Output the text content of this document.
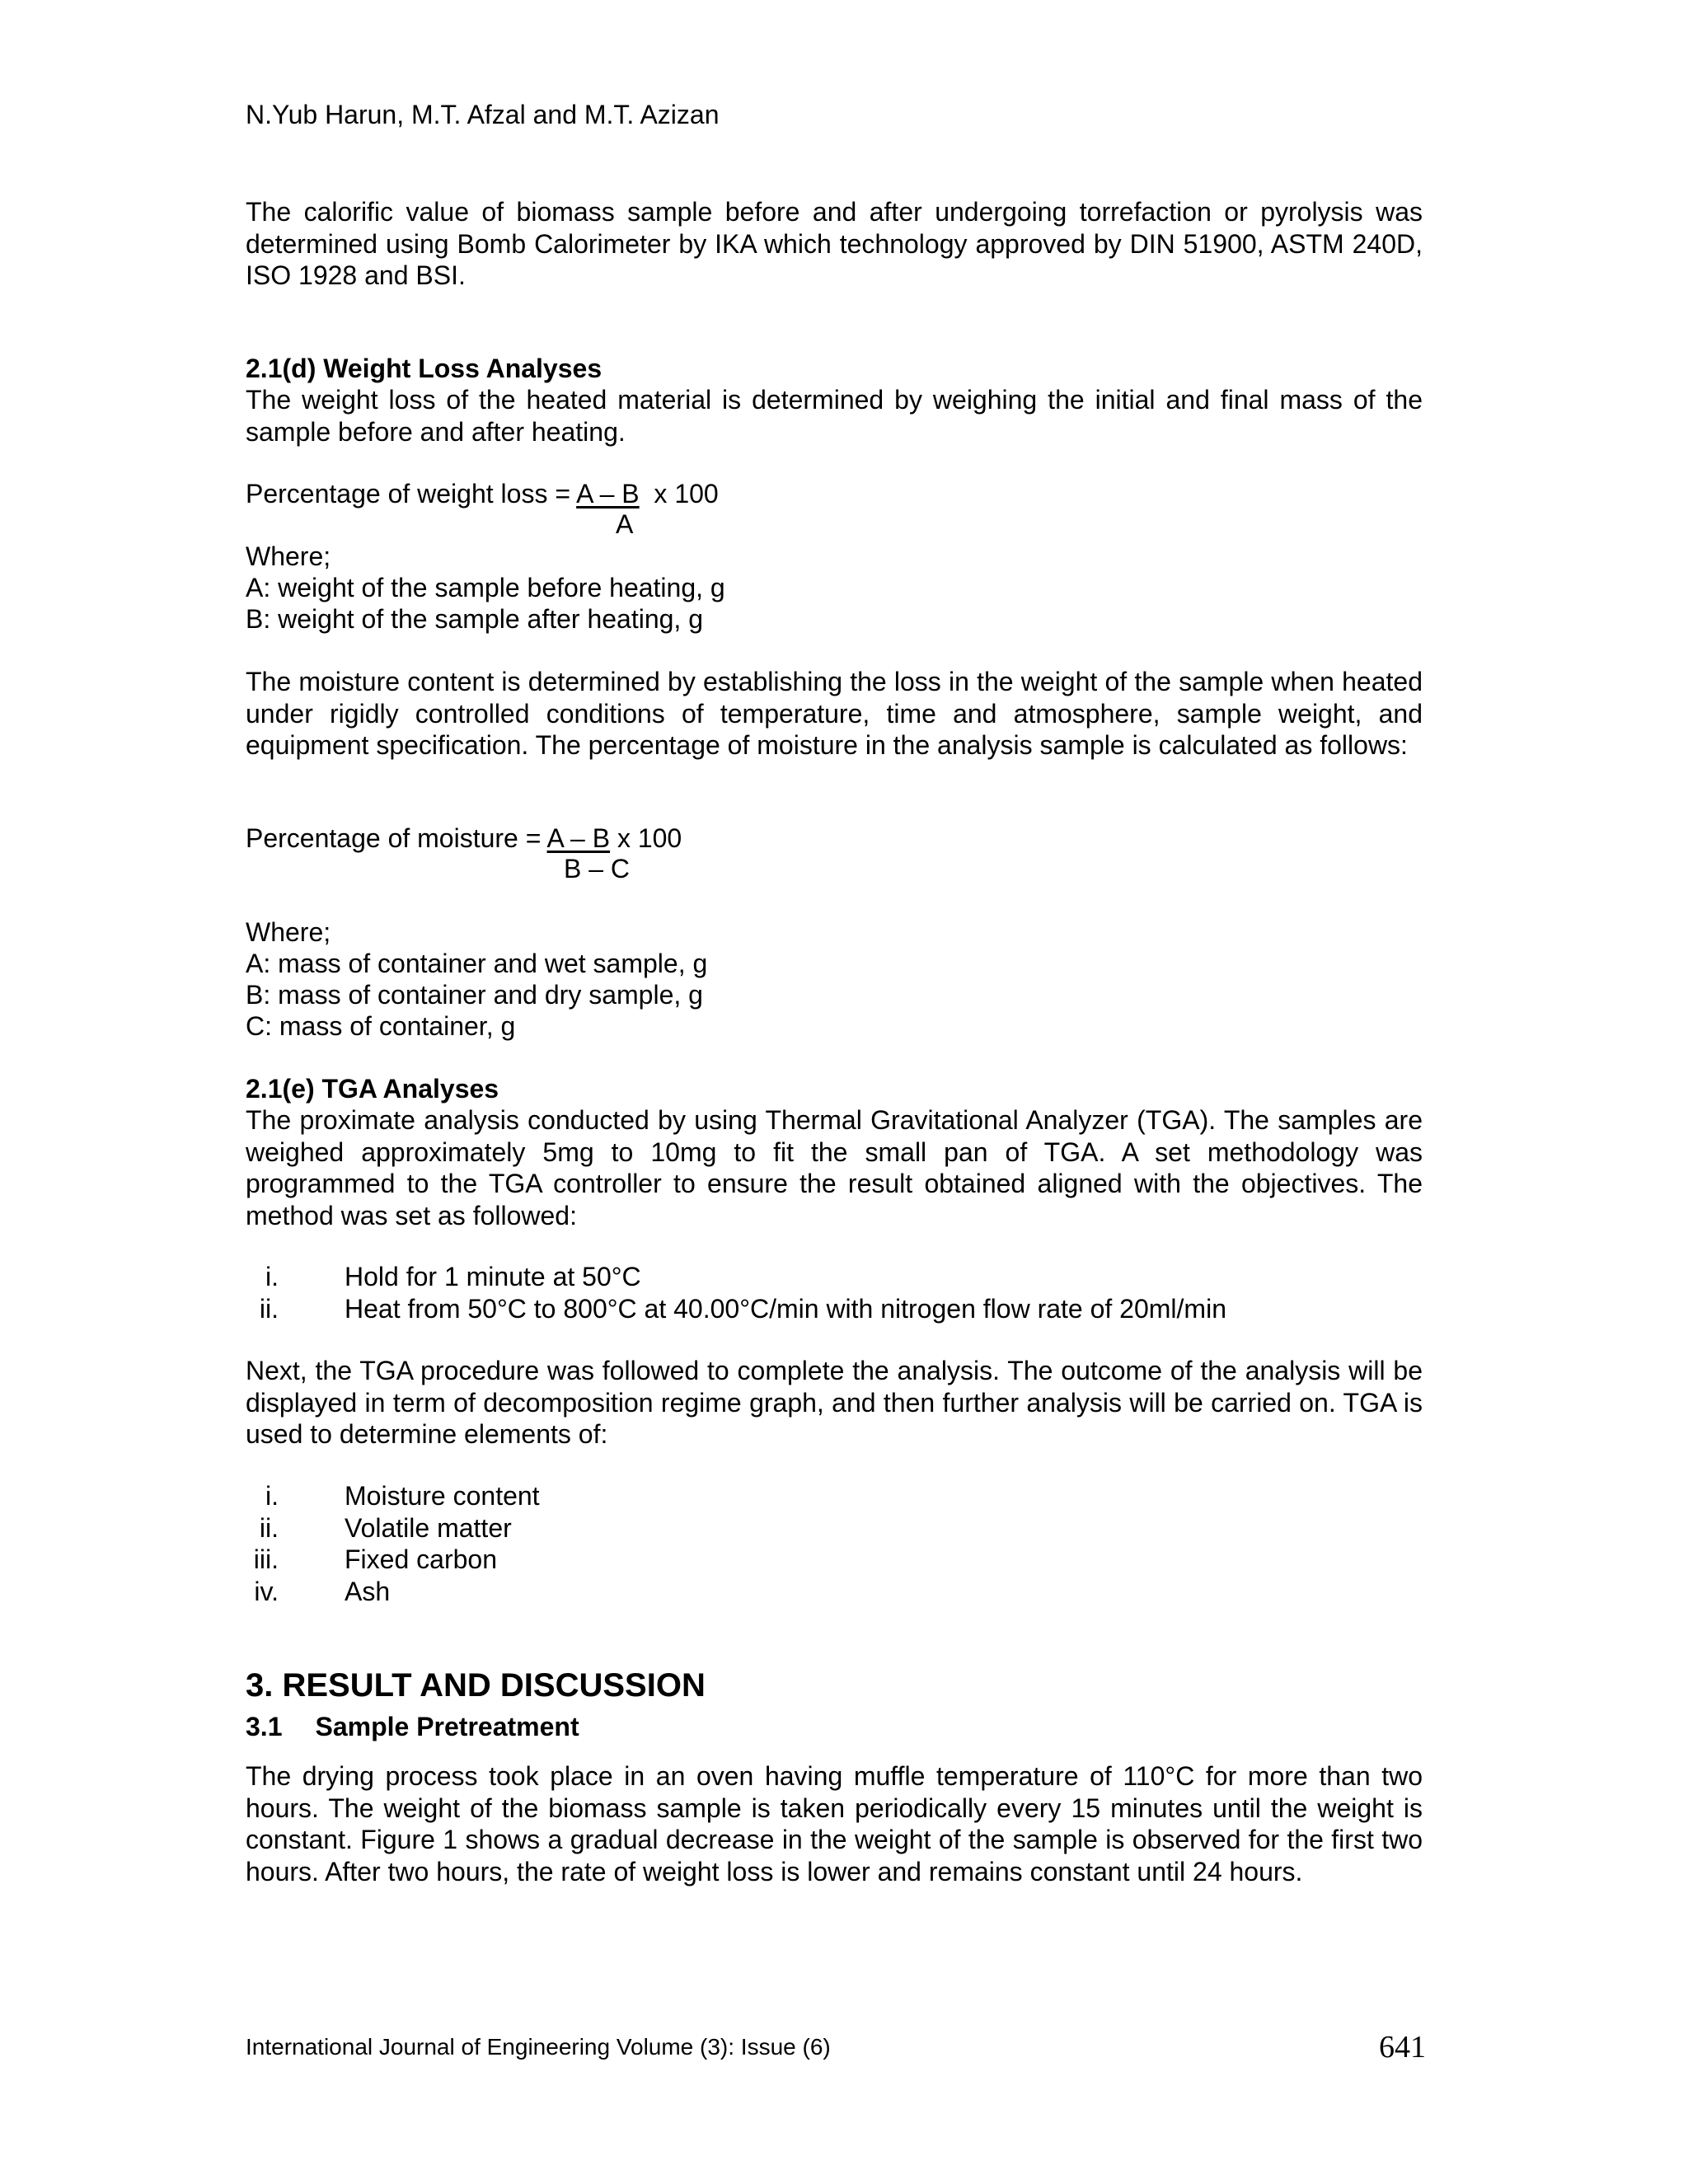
N.Yub Harun, M.T. Afzal and M.T. Azizan
The calorific value of biomass sample before and after undergoing torrefaction or pyrolysis was determined using Bomb Calorimeter by IKA which technology approved by DIN 51900, ASTM 240D, ISO 1928 and BSI.
2.1(d) Weight Loss Analyses
The weight loss of the heated material is determined by weighing the initial and final mass of the sample before and after heating.
Percentage of weight loss = A – B  x 100
A
Where;
A: weight of the sample before heating, g
B: weight of the sample after heating, g
The moisture content is determined by establishing the loss in the weight of the sample when heated under rigidly controlled conditions of temperature, time and atmosphere, sample weight, and equipment specification. The percentage of moisture in the analysis sample is calculated as follows:
Percentage of moisture = A – B x 100
B – C
Where;
A: mass of container and wet sample, g
B: mass of container and dry sample, g
C: mass of container, g
2.1(e) TGA Analyses
The proximate analysis conducted by using Thermal Gravitational Analyzer (TGA). The samples are weighed approximately 5mg to 10mg to fit the small pan of TGA. A set methodology was programmed to the TGA controller to ensure the result obtained aligned with the objectives. The method was set as followed:
i.	Hold for 1 minute at 50°C
ii.	Heat from 50°C to 800°C at 40.00°C/min with nitrogen flow rate of 20ml/min
Next, the TGA procedure was followed to complete the analysis. The outcome of the analysis will be displayed in term of decomposition regime graph, and then further analysis will be carried on. TGA is used to determine elements of:
i.	Moisture content
ii.	Volatile matter
iii.	Fixed carbon
iv.	Ash
3. RESULT AND DISCUSSION
3.1 Sample Pretreatment
The drying process took place in an oven having muffle temperature of 110°C for more than two hours. The weight of the biomass sample is taken periodically every 15 minutes until the weight is constant. Figure 1 shows a gradual decrease in the weight of the sample is observed for the first two hours. After two hours, the rate of weight loss is lower and remains constant until 24 hours.
International Journal of Engineering Volume (3): Issue (6)	641
